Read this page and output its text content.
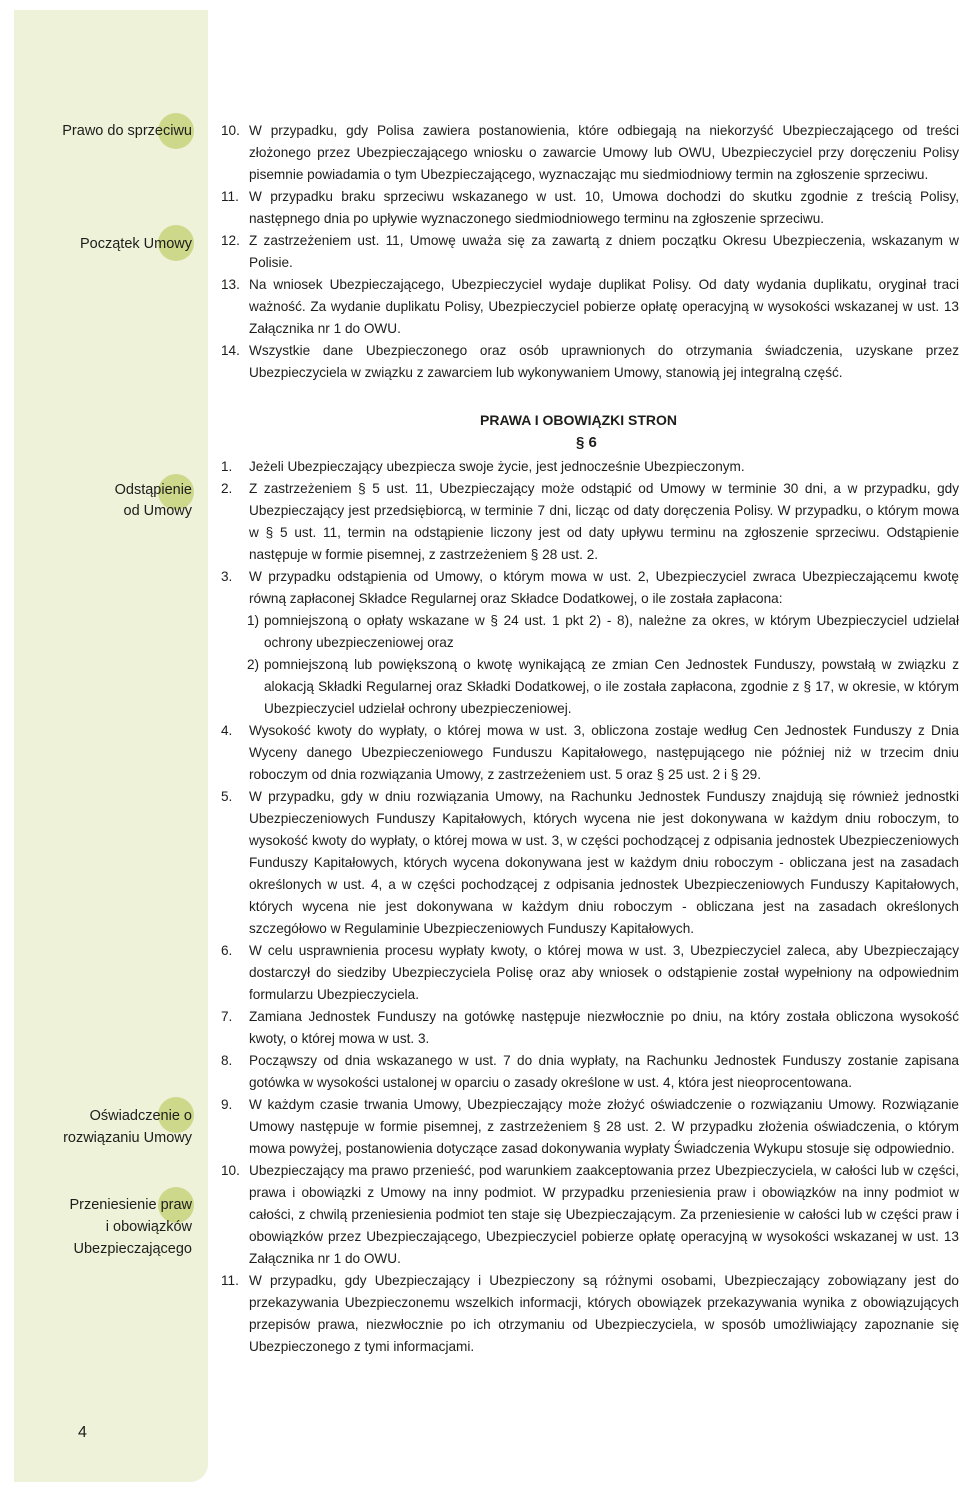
Prawo do sprzeciwu
Początek Umowy
Odstąpienie
od Umowy
Oświadczenie o
rozwiązaniu Umowy
Przeniesienie praw
i obowiązków
Ubezpieczającego
4
10. W przypadku, gdy Polisa zawiera postanowienia, które odbiegają na niekorzyść Ubezpieczającego od treści złożonego przez Ubezpieczającego wniosku o zawarcie Umowy lub OWU, Ubezpieczyciel przy doręczeniu Polisy pisemnie powiadamia o tym Ubezpieczającego, wyznaczając mu siedmiodniowy termin na zgłoszenie sprzeciwu.
11. W przypadku braku sprzeciwu wskazanego w ust. 10, Umowa dochodzi do skutku zgodnie z treścią Polisy, następnego dnia po upływie wyznaczonego siedmiodniowego terminu na zgłoszenie sprzeciwu.
12. Z zastrzeżeniem ust. 11, Umowę uważa się za zawartą z dniem początku Okresu Ubezpieczenia, wskazanym w Polisie.
13. Na wniosek Ubezpieczającego, Ubezpieczyciel wydaje duplikat Polisy. Od daty wydania duplikatu, oryginał traci ważność. Za wydanie duplikatu Polisy, Ubezpieczyciel pobierze opłatę operacyjną w wysokości wskazanej w ust. 13 Załącznika nr 1 do OWU.
14. Wszystkie dane Ubezpieczonego oraz osób uprawnionych do otrzymania świadczenia, uzyskane przez Ubezpieczyciela w związku z zawarciem lub wykonywaniem Umowy, stanowią jej integralną część.
PRAWA I OBOWIĄZKI STRON
§ 6
1.	Jeżeli Ubezpieczający ubezpiecza swoje życie, jest jednocześnie Ubezpieczonym.
2.	Z zastrzeżeniem § 5 ust. 11, Ubezpieczający może odstąpić od Umowy w terminie 30 dni, a w przypadku, gdy Ubezpieczający jest przedsiębiorcą, w terminie 7 dni, licząc od daty doręczenia Polisy. W przypadku, o którym mowa w § 5 ust. 11, termin na odstąpienie liczony jest od daty upływu terminu na zgłoszenie sprzeciwu. Odstąpienie następuje w formie pisemnej, z zastrzeżeniem § 28 ust. 2.
3.	W przypadku odstąpienia od Umowy, o którym mowa w ust. 2, Ubezpieczyciel zwraca Ubezpieczającemu kwotę równą zapłaconej Składce Regularnej oraz Składce Dodatkowej, o ile została zapłacona:
1) pomniejszoną o opłaty wskazane w § 24 ust. 1 pkt 2) - 8), należne za okres, w którym Ubezpieczyciel udzielał ochrony ubezpieczeniowej oraz
2) pomniejszoną lub powiększoną o kwotę wynikającą ze zmian Cen Jednostek Funduszy, powstałą w związku z alokacją Składki Regularnej oraz Składki Dodatkowej, o ile została zapłacona, zgodnie z § 17, w okresie, w którym Ubezpieczyciel udzielał ochrony ubezpieczeniowej.
4.	Wysokość kwoty do wypłaty, o której mowa w ust. 3, obliczona zostaje według Cen Jednostek Funduszy z Dnia Wyceny danego Ubezpieczeniowego Funduszu Kapitałowego, następującego nie później niż w trzecim dniu roboczym od dnia rozwiązania Umowy, z zastrzeżeniem ust. 5 oraz § 25 ust. 2 i § 29.
5.	W przypadku, gdy w dniu rozwiązania Umowy, na Rachunku Jednostek Funduszy znajdują się również jednostki Ubezpieczeniowych Funduszy Kapitałowych, których wycena nie jest dokonywana w każdym dniu roboczym, to wysokość kwoty do wypłaty, o której mowa w ust. 3, w części pochodzącej z odpisania jednostek Ubezpieczeniowych Funduszy Kapitałowych, których wycena dokonywana jest w każdym dniu roboczym - obliczana jest na zasadach określonych w ust. 4, a w części pochodzącej z odpisania jednostek Ubezpieczeniowych Funduszy Kapitałowych, których wycena nie jest dokonywana w każdym dniu roboczym - obliczana jest na zasadach określonych szczegółowo w Regulaminie Ubezpieczeniowych Funduszy Kapitałowych.
6.	W celu usprawnienia procesu wypłaty kwoty, o której mowa w ust. 3, Ubezpieczyciel zaleca, aby Ubezpieczający dostarczył do siedziby Ubezpieczyciela Polisę oraz aby wniosek o odstąpienie został wypełniony na odpowiednim formularzu Ubezpieczyciela.
7.	Zamiana Jednostek Funduszy na gotówkę następuje niezwłocznie po dniu, na który została obliczona wysokość kwoty, o której mowa w ust. 3.
8.	Począwszy od dnia wskazanego w ust. 7 do dnia wypłaty, na Rachunku Jednostek Funduszy zostanie zapisana gotówka w wysokości ustalonej w oparciu o zasady określone w ust. 4, która jest nieoprocentowana.
9.	W każdym czasie trwania Umowy, Ubezpieczający może złożyć oświadczenie o rozwiązaniu Umowy. Rozwiązanie Umowy następuje w formie pisemnej, z zastrzeżeniem § 28 ust. 2. W przypadku złożenia oświadczenia, o którym mowa powyżej, postanowienia dotyczące zasad dokonywania wypłaty Świadczenia Wykupu stosuje się odpowiednio.
10. Ubezpieczający ma prawo przenieść, pod warunkiem zaakceptowania przez Ubezpieczyciela, w całości lub w części, prawa i obowiązki z Umowy na inny podmiot. W przypadku przeniesienia praw i obowiązków na inny podmiot w całości, z chwilą przeniesienia podmiot ten staje się Ubezpieczającym. Za przeniesienie w całości lub w części praw i obowiązków przez Ubezpieczającego, Ubezpieczyciel pobierze opłatę operacyjną w wysokości wskazanej w ust. 13 Załącznika nr 1 do OWU.
11. W przypadku, gdy Ubezpieczający i Ubezpieczony są różnymi osobami, Ubezpieczający zobowiązany jest do przekazywania Ubezpieczonemu wszelkich informacji, których obowiązek przekazywania wynika z obowiązujących przepisów prawa, niezwłocznie po ich otrzymaniu od Ubezpieczyciela, w sposób umożliwiający zapoznanie się Ubezpieczonego z tymi informacjami.
